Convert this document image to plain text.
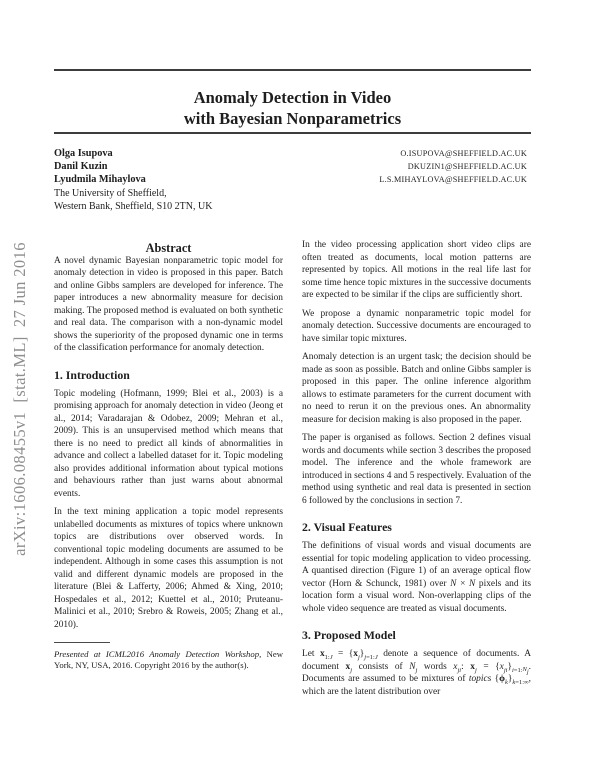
arXiv:1606.08455v1  [stat.ML]  27 Jun 2016
Anomaly Detection in Video
with Bayesian Nonparametrics
Olga Isupova	O.ISUPOVA@SHEFFIELD.AC.UK
Danil Kuzin	DKUZIN1@SHEFFIELD.AC.UK
Lyudmila Mihaylova	L.S.MIHAYLOVA@SHEFFIELD.AC.UK
The University of Sheffield,
Western Bank, Sheffield, S10 2TN, UK
Abstract

A novel dynamic Bayesian nonparametric topic model for anomaly detection in video is proposed in this paper. Batch and online Gibbs samplers are developed for inference. The paper introduces a new abnormality measure for decision making. The proposed method is evaluated on both synthetic and real data. The comparison with a non-dynamic model shows the superiority of the proposed dynamic one in terms of the classification performance for anomaly detection.

1. Introduction

Topic modeling (Hofmann, 1999; Blei et al., 2003) is a promising approach for anomaly detection in video (Jeong et al., 2014; Varadarajan & Odobez, 2009; Mehran et al., 2009). This is an unsupervised method which means that there is no need to predict all kinds of abnormalities in advance and collect a labelled dataset for it. Topic modeling also provides additional information about typical motions and behaviours rather than just warns about abnormal events.

In the text mining application a topic model represents unlabelled documents as mixtures of topics where unknown topics are distributions over observed words. In conventional topic modeling documents are assumed to be independent. Although in some cases this assumption is not valid and different dynamic models are proposed in the literature (Blei & Lafferty, 2006; Ahmed & Xing, 2010; Hospedales et al., 2012; Kuettel et al., 2010; Pruteanu-Malinici et al., 2010; Srebro & Roweis, 2005; Zhang et al., 2010).

Presented at ICML2016 Anomaly Detection Workshop, New York, NY, USA, 2016. Copyright 2016 by the author(s).

In the video processing application short video clips are often treated as documents, local motion patterns are represented by topics. All motions in the real life last for some time hence topic mixtures in the successive documents are expected to be similar if the clips are sufficiently short.

We propose a dynamic nonparametric topic model for anomaly detection. Successive documents are encouraged to have similar topic mixtures.

Anomaly detection is an urgent task; the decision should be made as soon as possible. Batch and online Gibbs sampler is proposed in this paper. The online inference algorithm allows to estimate parameters for the current document with no need to rerun it on the previous ones. An abnormality measure for decision making is also proposed in the paper.

The paper is organised as follows. Section 2 defines visual words and documents while section 3 describes the proposed model. The inference and the whole framework are introduced in sections 4 and 5 respectively. Evaluation of the method using synthetic and real data is presented in section 6 followed by the conclusions in section 7.

2. Visual Features

The definitions of visual words and visual documents are essential for topic modeling application to video processing. A quantised direction (Figure 1) of an average optical flow vector (Horn & Schunck, 1981) over N × N pixels and its location form a visual word. Non-overlapping clips of the whole video sequence are treated as visual documents.

3. Proposed Model

Let $x_{1:J} = \{x_j\}_{j=1:J}$ denote a sequence of documents. A document $x_j$ consists of $N_j$ words $x_{ji}$: $x_j = \{x_{ji}\}_{i=1:N_j}$. Documents are assumed to be mixtures of topics $\{\phi_k\}_{k=1:\infty}$, which are the latent distribution over
